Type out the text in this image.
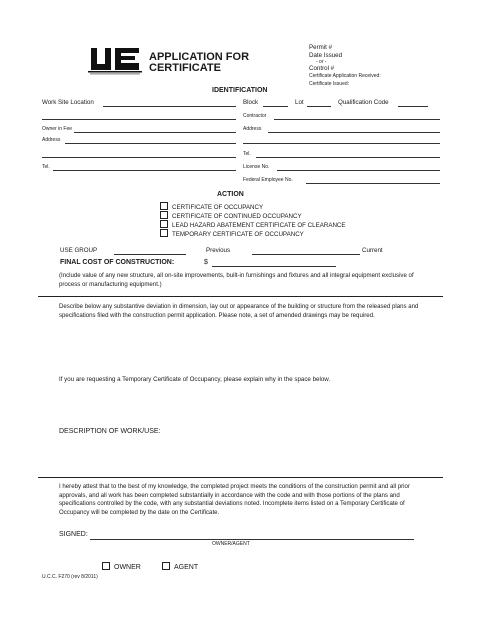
APPLICATION FOR
CERTIFICATE
Permit #
Date Issued
- or -
Control #
Certificate Application Received:
Certificate Issued:
IDENTIFICATION
Work Site Location	Block	Lot	Qualification Code
Contractor
Owner in Fee	Address
Address
Tel.
Tel.	License No.
Federal Employee No.
ACTION
CERTIFICATE OF OCCUPANCY
CERTIFICATE OF CONTINUED OCCUPANCY
LEAD HAZARD ABATEMENT CERTIFICATE OF CLEARANCE
TEMPORARY CERTIFICATE OF OCCUPANCY
USE GROUP	Previous	Current
FINAL COST OF CONSTRUCTION:	$
(Include value of any new structure, all on-site improvements, built-in furnishings and fixtures and all integral equipment exclusive of process or manufacturing equipment.)
Describe below any substantive deviation in dimension, lay out or appearance of the building or structure from the released plans and specifications filed with the construction permit application. Please note, a set of amended drawings may be required.
If you are requesting a Temporary Certificate of Occupancy, please explain why in the space below.
DESCRIPTION OF WORK/USE:
I hereby attest that to the best of my knowledge, the completed project meets the conditions of the construction permit and all prior approvals, and all work has been completed substantially in accordance with the code and with those portions of the plans and specifications controlled by the code, with any substantial deviations noted. Incomplete items listed on a Temporary Certificate of Occupancy will be completed by the date on the Certificate.
SIGNED:
OWNER/AGENT
OWNER	AGENT
U.C.C. F270 (rev 8/2011)
